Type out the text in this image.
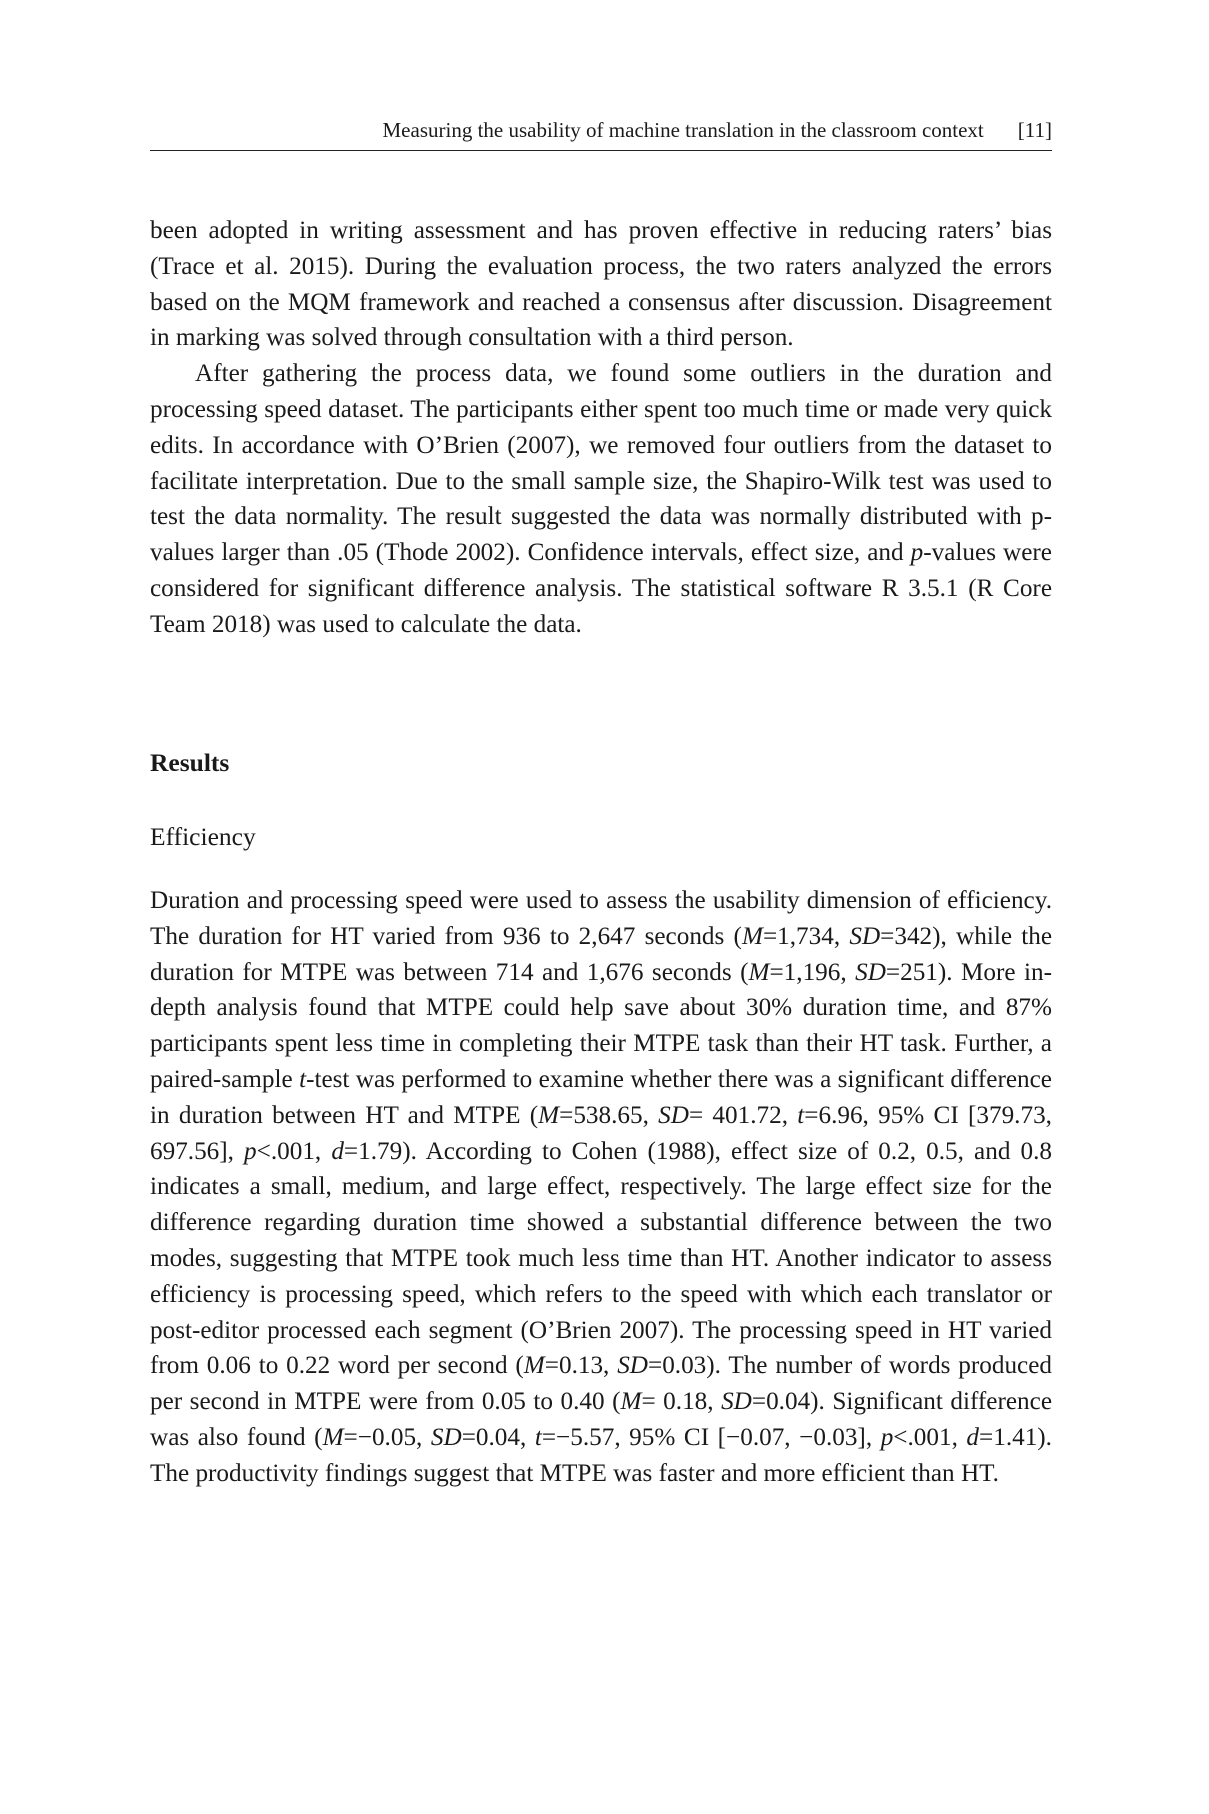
Measuring the usability of machine translation in the classroom context [11]

been adopted in writing assessment and has proven effective in reducing raters’ bias (Trace et al. 2015). During the evaluation process, the two raters analyzed the errors based on the MQM framework and reached a consensus after discussion. Disagreement in marking was solved through consultation with a third person.

After gathering the process data, we found some outliers in the duration and processing speed dataset. The participants either spent too much time or made very quick edits. In accordance with O’Brien (2007), we removed four outliers from the dataset to facilitate interpretation. Due to the small sample size, the Shapiro-Wilk test was used to test the data normality. The result suggested the data was normally distributed with p-values larger than .05 (Thode 2002). Confidence intervals, effect size, and p-values were considered for significant difference analysis. The statistical software R 3.5.1 (R Core Team 2018) was used to calculate the data.

Results
Efficiency

Duration and processing speed were used to assess the usability dimension of efficiency. The duration for HT varied from 936 to 2,647 seconds (M=1,734, SD=342), while the duration for MTPE was between 714 and 1,676 seconds (M=1,196, SD=251). More in-depth analysis found that MTPE could help save about 30% duration time, and 87% participants spent less time in completing their MTPE task than their HT task. Further, a paired-sample t-test was performed to examine whether there was a significant difference in duration between HT and MTPE (M=538.65, SD= 401.72, t=6.96, 95% CI [379.73, 697.56], p<.001, d=1.79). According to Cohen (1988), effect size of 0.2, 0.5, and 0.8 indicates a small, medium, and large effect, respectively. The large effect size for the difference regarding duration time showed a substantial difference between the two modes, suggesting that MTPE took much less time than HT. Another indicator to assess efficiency is processing speed, which refers to the speed with which each translator or post-editor processed each segment (O’Brien 2007). The processing speed in HT varied from 0.06 to 0.22 word per second (M=0.13, SD=0.03). The number of words produced per second in MTPE were from 0.05 to 0.40 (M= 0.18, SD=0.04). Significant difference was also found (M=−0.05, SD=0.04, t=−5.57, 95% CI [−0.07, −0.03], p<.001, d=1.41). The productivity findings suggest that MTPE was faster and more efficient than HT.
